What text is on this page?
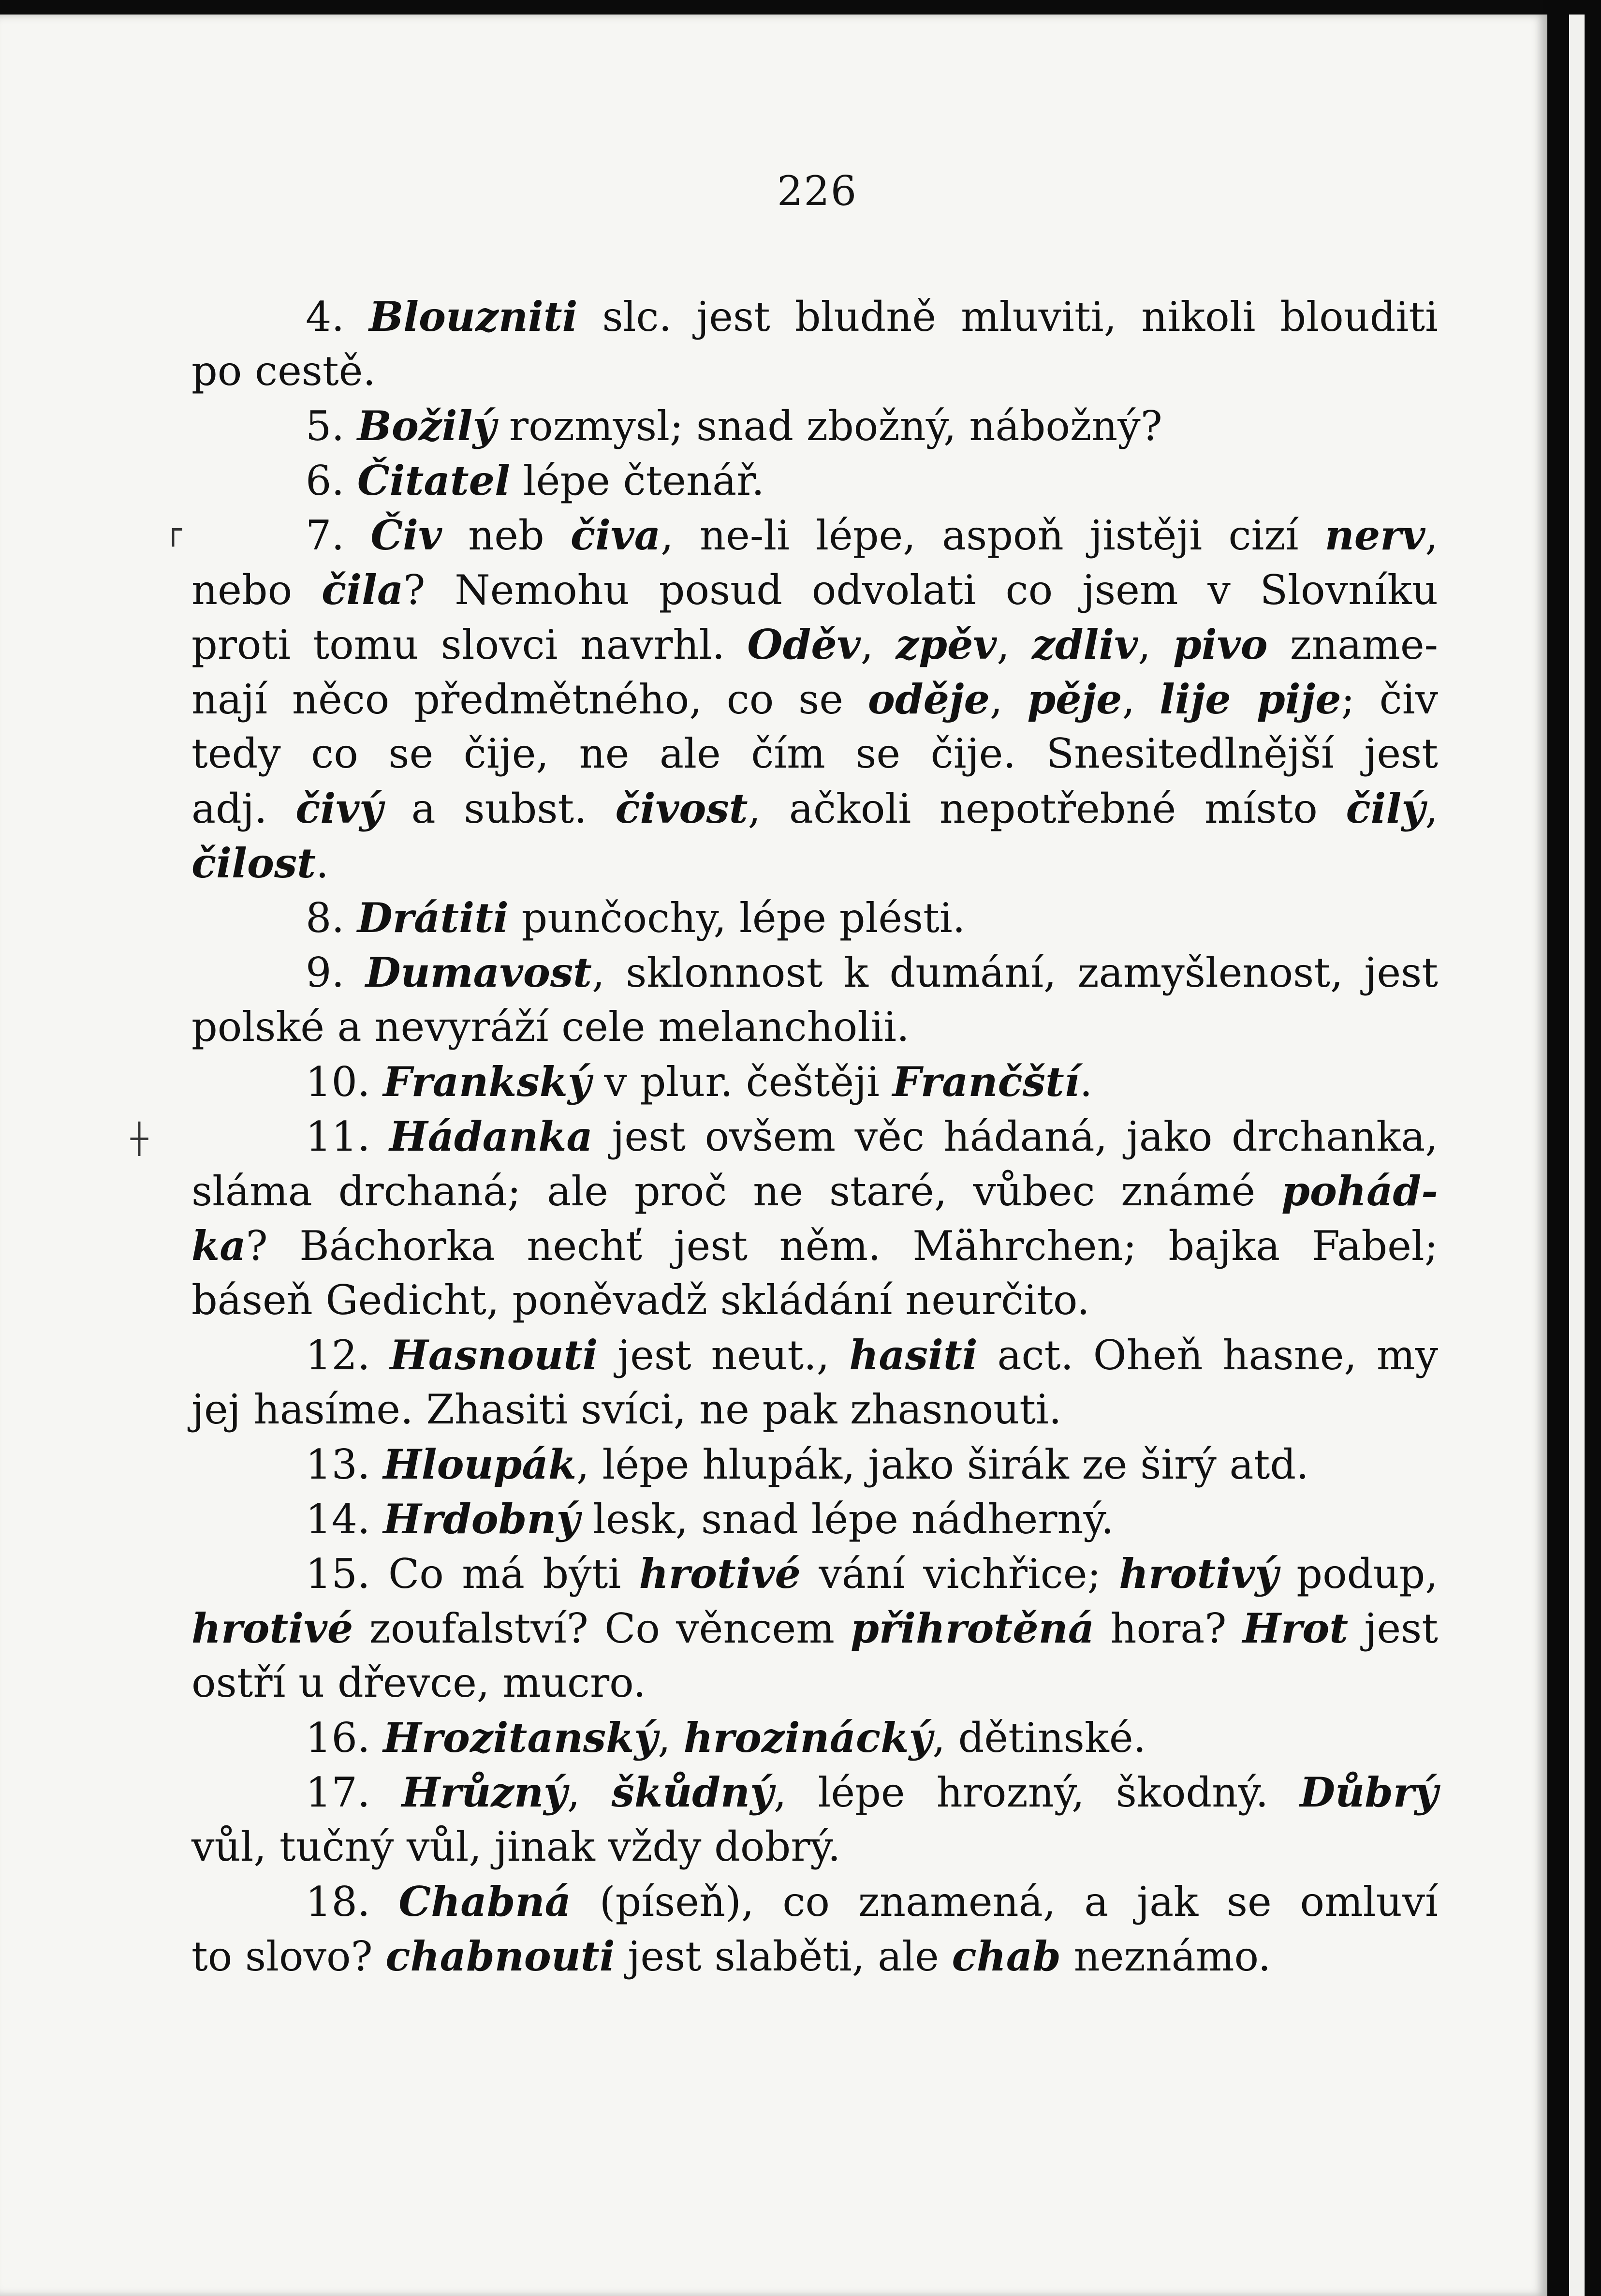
226
4. Blouzniti slc. jest bludně mluviti, nikoli blouditi
po cestě.
5. Božilý rozmysl; snad zbožný, nábožný?
6. Čitatel lépe čtenář.
7. Čiv neb čiva, ne-li lépe, aspoň jistěji cizí nerv,
nebo čila? Nemohu posud odvolati co jsem v Slovníku
proti tomu slovci navrhl. Oděv, zpěv, zdliv, pivo zname-
nají něco předmětného, co se oděje, pěje, lije pije; čiv
tedy co se čije, ne ale čím se čije. Snesitedlnější jest
adj. čivý a subst. čivost, ačkoli nepotřebné místo čilý,
čilost.
8. Drátiti punčochy, lépe plésti.
9. Dumavost, sklonnost k dumání, zamyšlenost, jest
polské a nevyráží cele melancholii.
10. Frankský v plur. češtěji Frančští.
11. Hádanka jest ovšem věc hádaná, jako drchanka,
sláma drchaná; ale proč ne staré, vůbec známé pohád-
ka? Báchorka nechť jest něm. Mährchen; bajka Fabel;
báseň Gedicht, poněvadž skládání neurčito.
12. Hasnouti jest neut., hasiti act. Oheň hasne, my
jej hasíme. Zhasiti svíci, ne pak zhasnouti.
13. Hloupák, lépe hlupák, jako širák ze širý atd.
14. Hrdobný lesk, snad lépe nádherný.
15. Co má býti hrotivé vání vichřice; hrotivý podup,
hrotivé zoufalství? Co věncem přihrotěná hora? Hrot jest
ostří u dřevce, mucro.
16. Hrozitanský, hrozinácký, dětinské.
17. Hrůzný, škůdný, lépe hrozný, škodný. Důbrý
vůl, tučný vůl, jinak vždy dobrý.
18. Chabná (píseň), co znamená, a jak se omluví
to slovo? chabnouti jest slaběti, ale chab neznámo.
┌
┼
